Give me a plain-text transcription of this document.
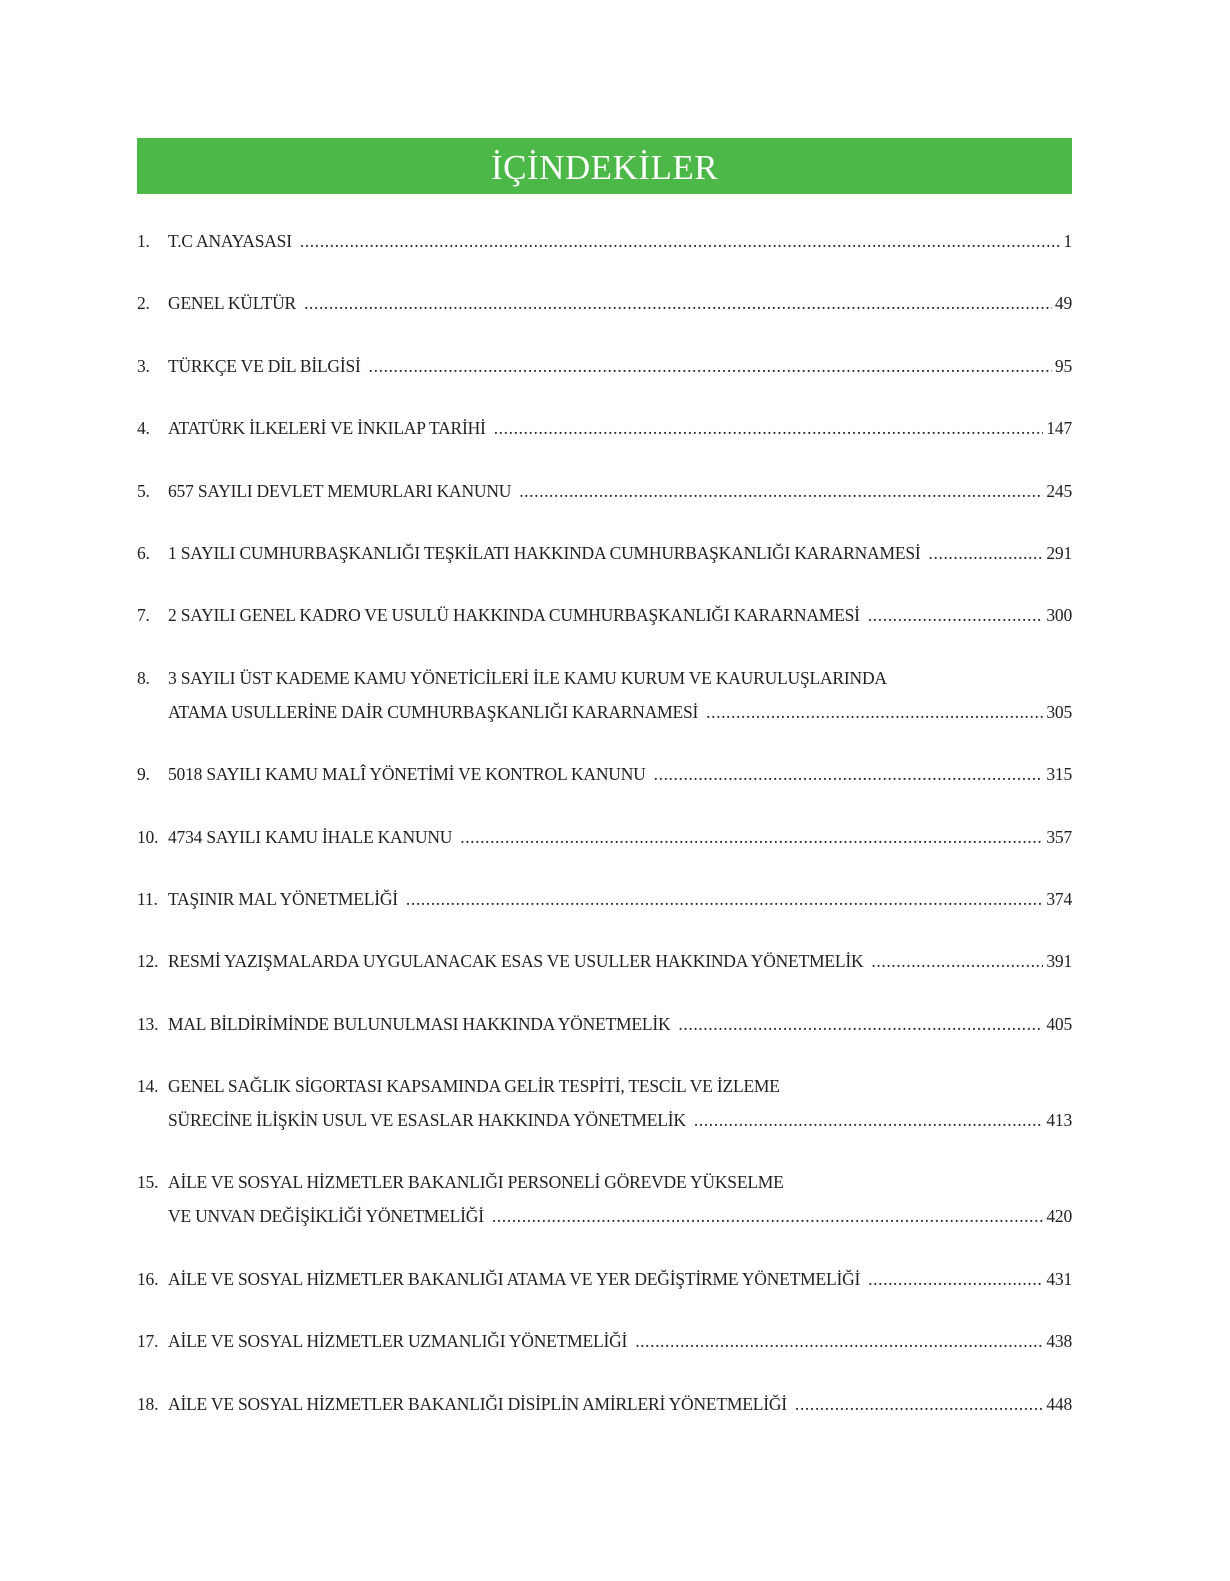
İÇİNDEKİLER
1.	T.C ANAYASASI .....	1
2.	GENEL KÜLTÜR .....	49
3.	TÜRKÇE VE DİL BİLGİSİ .....	95
4.	ATATÜRK İLKELERİ VE İNKILAP TARİHİ .....	147
5.	657 SAYILI DEVLET MEMURLARI KANUNU .....	245
6.	1 SAYILI CUMHURBAŞKANLIĞI TEŞKİLATI HAKKINDA CUMHURBAŞKANLIĞI KARARNAMESİ .....	291
7.	2 SAYILI GENEL KADRO VE USULÜ HAKKINDA CUMHURBAŞKANLIĞI KARARNAMESİ .....	300
8.	3 SAYILI ÜST KADEME KAMU YÖNETİCİLERİ İLE KAMU KURUM VE KAURULUŞLARINDA
ATAMA USULLERİNE DAİR CUMHURBAŞKANLIĞI KARARNAMESİ .....	305
9.	5018 SAYILI KAMU MALÎ YÖNETİMİ VE KONTROL KANUNU .....	315
10. 4734 SAYILI KAMU İHALE KANUNU .....	357
11. TAŞINIR MAL YÖNETMELİĞİ .....	374
12. RESMİ YAZIŞMALARDA UYGULANACAK ESAS VE USULLER HAKKINDA YÖNETMELİK .....	391
13. MAL BİLDİRİMİNDE BULUNULMASI HAKKINDA YÖNETMELİK .....	405
14. GENEL SAĞLIK SİGORTASI KAPSAMINDA GELİR TESPİTİ, TESCİL VE İZLEME
SÜRECİNE İLİŞKİN USUL VE ESASLAR HAKKINDA YÖNETMELİK .....	413
15. AİLE VE SOSYAL HİZMETLER BAKANLIĞI PERSONELİ GÖREVDE YÜKSELME
VE UNVAN DEĞİŞİKLİĞİ YÖNETMELİĞİ .....	420
16. AİLE VE SOSYAL HİZMETLER BAKANLIĞI ATAMA VE YER DEĞİŞTİRME YÖNETMELİĞİ .....	431
17. AİLE VE SOSYAL HİZMETLER UZMANLIĞI YÖNETMELİĞİ .....	438
18. AİLE VE SOSYAL HİZMETLER BAKANLIĞI DİSİPLİN AMİRLERİ YÖNETMELİĞİ .....	448
